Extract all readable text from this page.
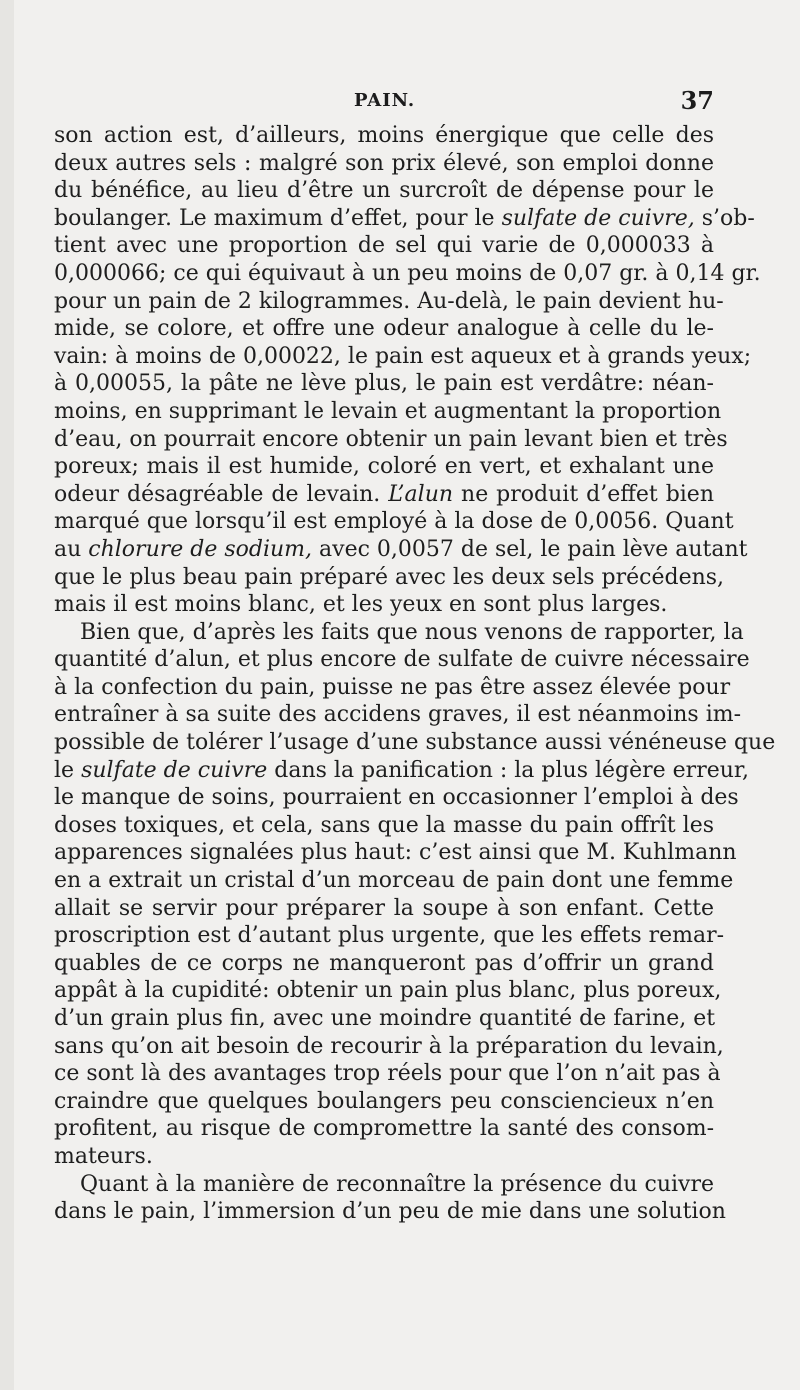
PAIN.	37
son action est, d’ailleurs, moins énergique que celle des
deux autres sels : malgré son prix élevé, son emploi donne
du bénéfice, au lieu d’être un surcroît de dépense pour le
boulanger. Le maximum d’effet, pour le sulfate de cuivre, s’ob-
tient avec une proportion de sel qui varie de 0,000033 à
0,000066; ce qui équivaut à un peu moins de 0,07 gr. à 0,14 gr.
pour un pain de 2 kilogrammes. Au-delà, le pain devient hu-
mide, se colore, et offre une odeur analogue à celle du le-
vain: à moins de 0,00022, le pain est aqueux et à grands yeux;
à 0,00055, la pâte ne lève plus, le pain est verdâtre: néan-
moins, en supprimant le levain et augmentant la proportion
d’eau, on pourrait encore obtenir un pain levant bien et très
poreux; mais il est humide, coloré en vert, et exhalant une
odeur désagréable de levain. L’alun ne produit d’effet bien
marqué que lorsqu’il est employé à la dose de 0,0056. Quant
au chlorure de sodium, avec 0,0057 de sel, le pain lève autant
que le plus beau pain préparé avec les deux sels précédens,
mais il est moins blanc, et les yeux en sont plus larges.
Bien que, d’après les faits que nous venons de rapporter, la
quantité d’alun, et plus encore de sulfate de cuivre nécessaire
à la confection du pain, puisse ne pas être assez élevée pour
entraîner à sa suite des accidens graves, il est néanmoins im-
possible de tolérer l’usage d’une substance aussi vénéneuse que
le sulfate de cuivre dans la panification : la plus légère erreur,
le manque de soins, pourraient en occasionner l’emploi à des
doses toxiques, et cela, sans que la masse du pain offrît les
apparences signalées plus haut: c’est ainsi que M. Kuhlmann
en a extrait un cristal d’un morceau de pain dont une femme
allait se servir pour préparer la soupe à son enfant. Cette
proscription est d’autant plus urgente, que les effets remar-
quables de ce corps ne manqueront pas d’offrir un grand
appât à la cupidité: obtenir un pain plus blanc, plus poreux,
d’un grain plus fin, avec une moindre quantité de farine, et
sans qu’on ait besoin de recourir à la préparation du levain,
ce sont là des avantages trop réels pour que l’on n’ait pas à
craindre que quelques boulangers peu consciencieux n’en
profitent, au risque de compromettre la santé des consom-
mateurs.
Quant à la manière de reconnaître la présence du cuivre
dans le pain, l’immersion d’un peu de mie dans une solution
